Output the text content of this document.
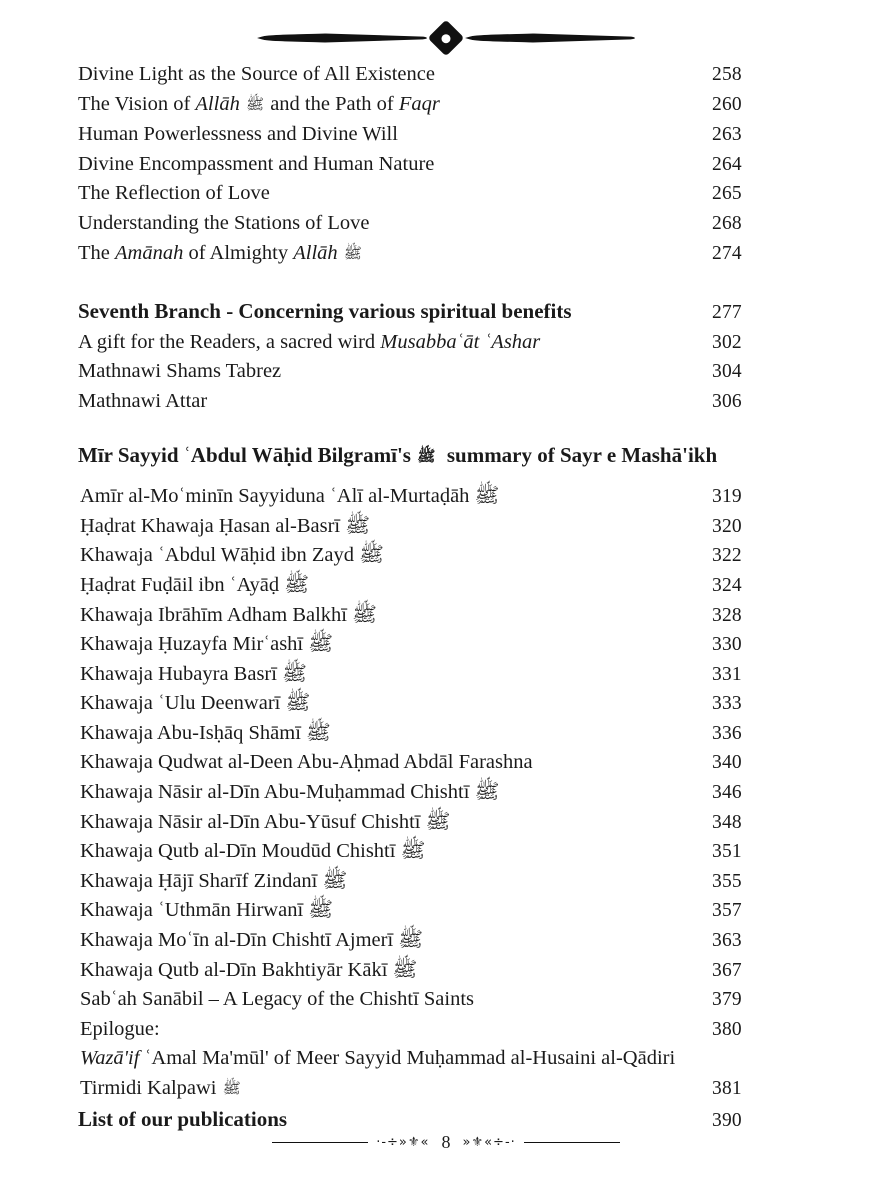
Divine Light as the Source of All Existence	258
The Vision of Allāh ﷺ and the Path of Faqr	260
Human Powerlessness and Divine Will	263
Divine Encompassment and Human Nature	264
The Reflection of Love	265
Understanding the Stations of Love	268
The Amānah of Almighty Allāh ﷺ	274
Seventh Branch - Concerning various spiritual benefits	277
A gift for the Readers, a sacred wird Musabbaʿāt ʿAshar	302
Mathnawi Shams Tabrez	304
Mathnawi Attar	306
Mīr Sayyid ʿAbdul Wāḥid Bilgramī's ﷺ  summary of Sayr e Mashā'ikh
Amīr al-Moʿminīn Sayyiduna ʿAlī al-Murtaḍāh ﷺ	319
Ḥaḍrat Khawaja Ḥasan al-Basrī ﷺ	320
Khawaja ʿAbdul Wāḥid ibn Zayd ﷺ	322
Ḥaḍrat Fuḍāil ibn ʿAyāḍ ﷺ	324
Khawaja Ibrāhīm Adham Balkhī ﷺ	328
Khawaja Ḥuzayfa Mirʿashī ﷺ	330
Khawaja Hubayra Basrī ﷺ	331
Khawaja ʿUlu Deenwarī ﷺ	333
Khawaja Abu-Isḥāq Shāmī ﷺ	336
Khawaja Qudwat al-Deen Abu-Aḥmad Abdāl Farashna	340
Khawaja Nāsir al-Dīn Abu-Muḥammad Chishtī ﷺ	346
Khawaja Nāsir al-Dīn Abu-Yūsuf Chishtī ﷺ	348
Khawaja Qutb al-Dīn Moudūd Chishtī ﷺ	351
Khawaja Ḥājī Sharīf Zindanī ﷺ	355
Khawaja ʿUthmān Hirwanī ﷺ	357
Khawaja Moʿīn al-Dīn Chishtī Ajmerī ﷺ	363
Khawaja Qutb al-Dīn Bakhtiyār Kākī ﷺ	367
Sabʿah Sanābil – A Legacy of the Chishtī Saints	379
Epilogue:	380
Wazā'if ʿAmal Ma'mūl' of Meer Sayyid Muḥammad al-Husaini al-Qādiri
Tirmidi Kalpawi ﷺ	381
List of our publications	390
·-÷»⚜« 8 »⚜«÷-·
